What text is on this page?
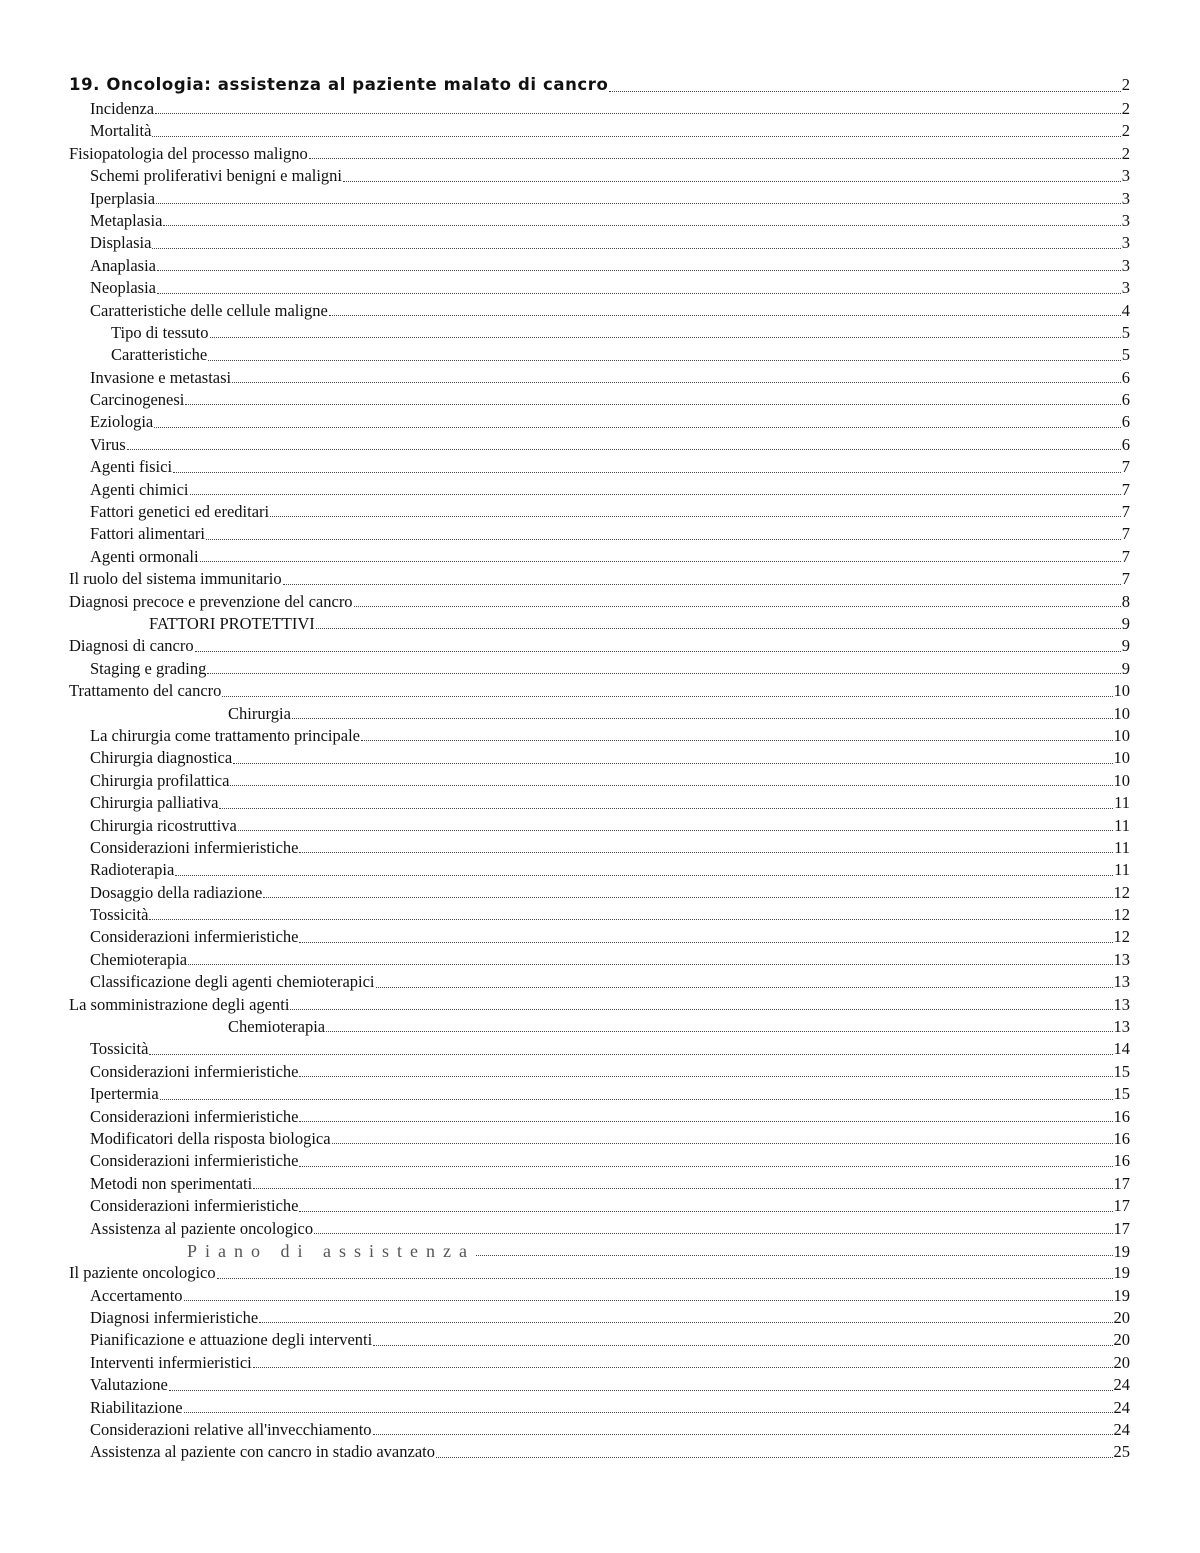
19. Oncologia: assistenza al paziente malato di cancro	2
Incidenza	2
Mortalità	2
Fisiopatologia del processo maligno	2
Schemi proliferativi benigni e maligni	3
Iperplasia	3
Metaplasia	3
Displasia	3
Anaplasia	3
Neoplasia	3
Caratteristiche delle cellule maligne	4
Tipo di tessuto	5
Caratteristiche	5
Invasione e metastasi	6
Carcinogenesi	6
Eziologia	6
Virus	6
Agenti fisici	7
Agenti chimici	7
Fattori genetici ed ereditari	7
Fattori alimentari	7
Agenti ormonali	7
Il ruolo del sistema immunitario	7
Diagnosi precoce e prevenzione del cancro	8
FATTORI PROTETTIVI	9
Diagnosi di cancro	9
Staging e grading	9
Trattamento del cancro	10
Chirurgia	10
La chirurgia come trattamento principale	10
Chirurgia diagnostica	10
Chirurgia profilattica	10
Chirurgia palliativa	11
Chirurgia ricostruttiva	11
Considerazioni infermieristiche	11
Radioterapia	11
Dosaggio della radiazione	12
Tossicità	12
Considerazioni infermieristiche	12
Chemioterapia	13
Classificazione degli agenti chemioterapici	13
La somministrazione degli agenti	13
Chemioterapia	13
Tossicità	14
Considerazioni infermieristiche	15
Ipertermia	15
Considerazioni infermieristiche	16
Modificatori della risposta biologica	16
Considerazioni infermieristiche	16
Metodi non sperimentati	17
Considerazioni infermieristiche	17
Assistenza al paziente oncologico	17
Piano di assistenza	19
Il paziente oncologico	19
Accertamento	19
Diagnosi infermieristiche	20
Pianificazione e attuazione degli interventi	20
Interventi infermieristici	20
Valutazione	24
Riabilitazione	24
Considerazioni relative all'invecchiamento	24
Assistenza al paziente con cancro in stadio avanzato	25
